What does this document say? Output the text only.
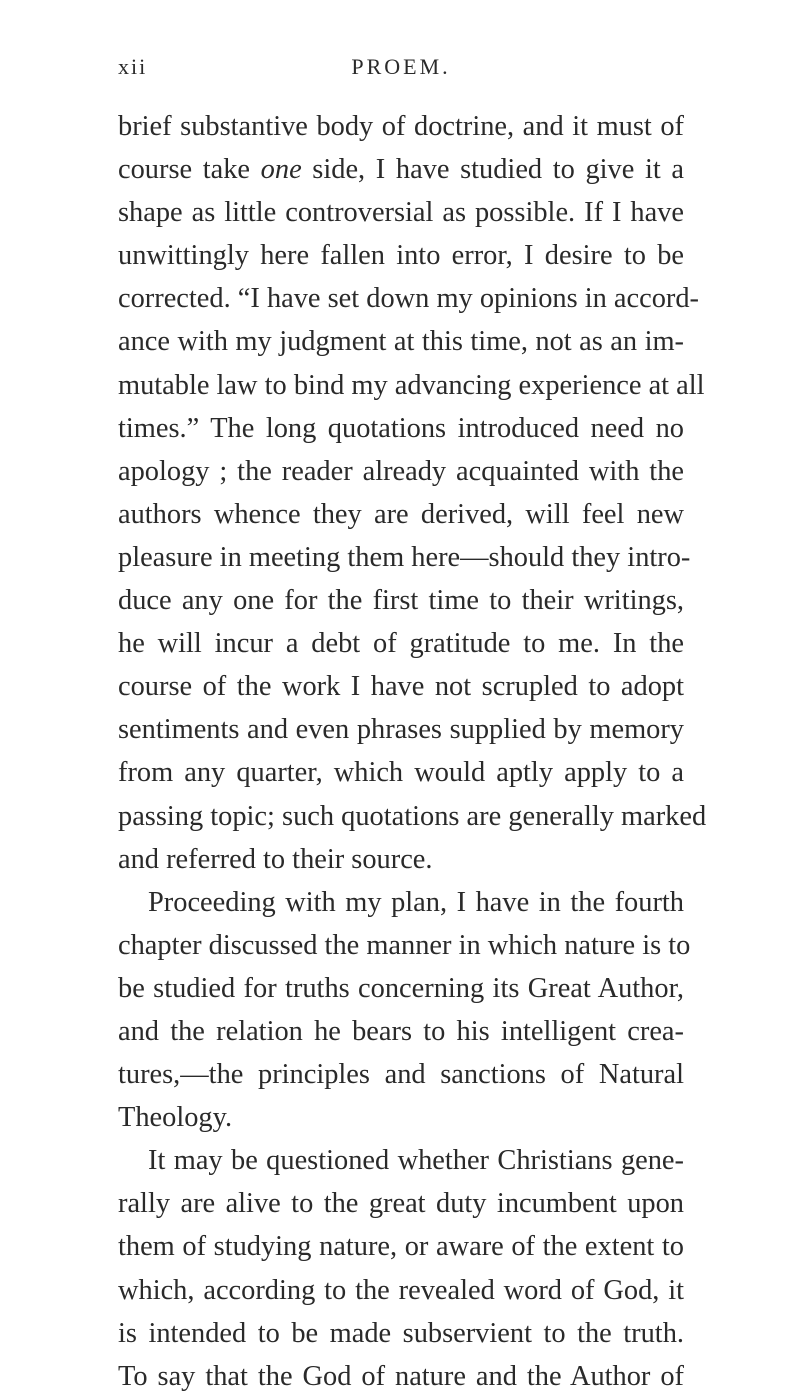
xii	PROEM.
brief substantive body of doctrine, and it must of
course take one side, I have studied to give it a
shape as little controversial as possible. If I have
unwittingly here fallen into error, I desire to be
corrected. “I have set down my opinions in accord-
ance with my judgment at this time, not as an im-
mutable law to bind my advancing experience at all
times.” The long quotations introduced need no
apology ; the reader already acquainted with the
authors whence they are derived, will feel new
pleasure in meeting them here—should they intro-
duce any one for the first time to their writings,
he will incur a debt of gratitude to me. In the
course of the work I have not scrupled to adopt
sentiments and even phrases supplied by memory
from any quarter, which would aptly apply to a
passing topic; such quotations are generally marked
and referred to their source.
Proceeding with my plan, I have in the fourth
chapter discussed the manner in which nature is to
be studied for truths concerning its Great Author,
and the relation he bears to his intelligent crea-
tures,—the principles and sanctions of Natural
Theology.
It may be questioned whether Christians gene-
rally are alive to the great duty incumbent upon
them of studying nature, or aware of the extent to
which, according to the revealed word of God, it
is intended to be made subservient to the truth.
To say that the God of nature and the Author of
